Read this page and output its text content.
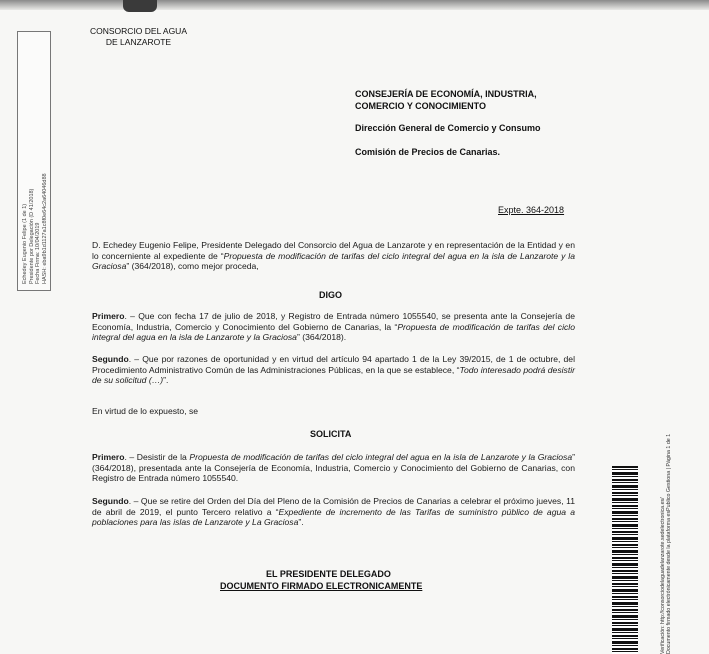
CONSORCIO DEL AGUA
DE LANZAROTE
Echedey Eugenio Felipe (1 de 1) Presidente por Delegación (D 41/2018) Fecha Firma: 10/04/2019 HASH: eba9b1d1127a1c8f0e64c2a64046d88
CONSEJERÍA DE ECONOMÍA, INDUSTRIA,
COMERCIO Y CONOCIMIENTO
Dirección General de Comercio y Consumo
Comisión de Precios de Canarias.
Expte. 364-2018
D. Echedey Eugenio Felipe, Presidente Delegado del Consorcio del Agua de Lanzarote y en representación de la Entidad y en lo concerniente al expediente de “Propuesta de modificación de tarifas del ciclo integral del agua en la isla de Lanzarote y la Graciosa” (364/2018), como mejor proceda,
DIGO
Primero. – Que con fecha 17 de julio de 2018, y Registro de Entrada número 1055540, se presenta ante la Consejería de Economía, Industria, Comercio y Conocimiento del Gobierno de Canarias, la “Propuesta de modificación de tarifas del ciclo integral del agua en la isla de Lanzarote y la Graciosa” (364/2018).
Segundo. – Que por razones de oportunidad y en virtud del artículo 94 apartado 1 de la Ley 39/2015, de 1 de octubre, del Procedimiento Administrativo Común de las Administraciones Públicas, en la que se establece, “Todo interesado podrá desistir de su solicitud (…)”.
En virtud de lo expuesto, se
SOLICITA
Primero. – Desistir de la Propuesta de modificación de tarifas del ciclo integral del agua en la isla de Lanzarote y la Graciosa” (364/2018), presentada ante la Consejería de Economía, Industria, Comercio y Conocimiento del Gobierno de Canarias, con Registro de Entrada número 1055540.
Segundo. – Que se retire del Orden del Día del Pleno de la Comisión de Precios de Canarias a celebrar el próximo jueves, 11 de abril de 2019, el punto Tercero relativo a “Expediente de incremento de las Tarifas de suministro público de agua a poblaciones para las islas de Lanzarote y La Graciosa”.
EL PRESIDENTE DELEGADO
DOCUMENTO FIRMADO ELECTRONICAMENTE	Verificación: http://consorciodelaguadelanzarote.sedelectronica.es/ Documento firmado electrónicamente desde la plataforma esPublico Gestiona | Página 1 de 1
